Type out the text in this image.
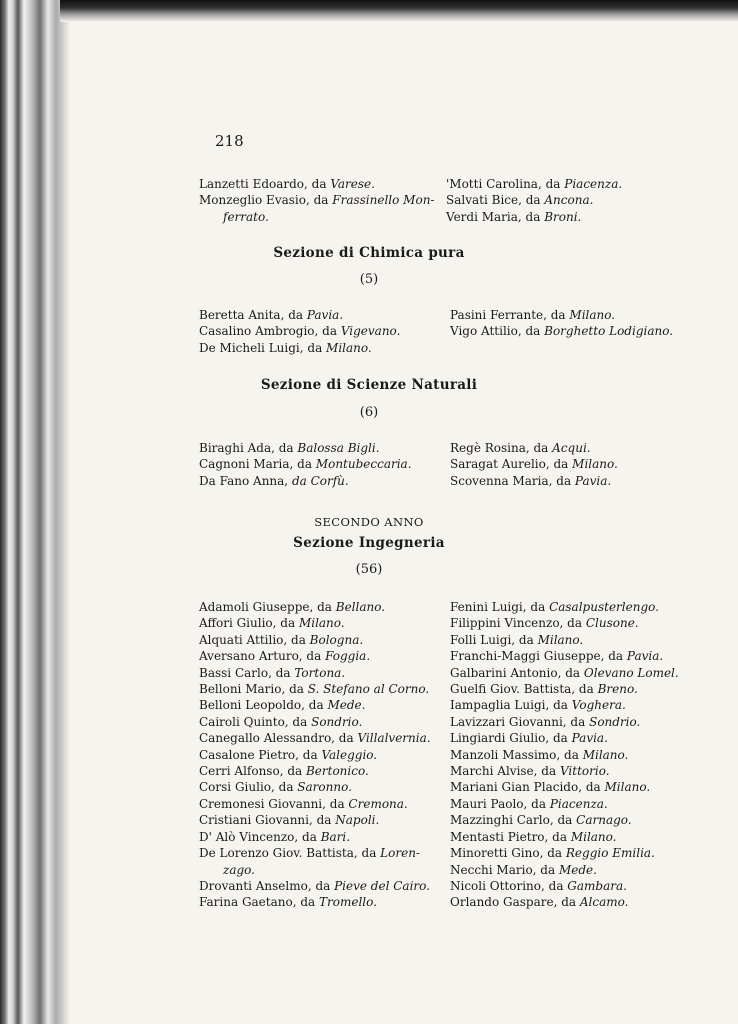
218
Lanzetti Edoardo, da Varese.
Monzeglio Evasio, da Frassinello Mon-
ferrato.
'Motti Carolina, da Piacenza.
Salvati Bice, da Ancona.
Verdi Maria, da Broni.
Sezione di Chimica pura
(5)
Beretta Anita, da Pavia.
Casalino Ambrogio, da Vigevano.
De Micheli Luigi, da Milano.
Pasini Ferrante, da Milano.
Vigo Attilio, da Borghetto Lodigiano.
Sezione di Scienze Naturali
(6)
Biraghi Ada, da Balossa Bigli.
Cagnoni Maria, da Montubeccaria.
Da Fano Anna, da Corfù.
Regè Rosina, da Acqui.
Saragat Aurelio, da Milano.
Scovenna Maria, da Pavia.
SECONDO ANNO
Sezione Ingegneria
(56)
Adamoli Giuseppe, da Bellano.
Affori Giulio, da Milano.
Alquati Attilio, da Bologna.
Aversano Arturo, da Foggia.
Bassi Carlo, da Tortona.
Belloni Mario, da S. Stefano al Corno.
Belloni Leopoldo, da Mede.
Cairoli Quinto, da Sondrio.
Canegallo Alessandro, da Villalvernia.
Casalone Pietro, da Valeggio.
Cerri Alfonso, da Bertonico.
Corsi Giulio, da Saronno.
Cremonesi Giovanni, da Cremona.
Cristiani Giovanni, da Napoli.
D' Alò Vincenzo, da Bari.
De Lorenzo Giov. Battista, da Loren-
zago.
Drovanti Anselmo, da Pieve del Cairo.
Farina Gaetano, da Tromello.
Fenini Luigi, da Casalpusterlengo.
Filippini Vincenzo, da Clusone.
Folli Luigi, da Milano.
Franchi-Maggi Giuseppe, da Pavia.
Galbarini Antonio, da Olevano Lomel.
Guelfi Giov. Battista, da Breno.
Iampaglia Luigi, da Voghera.
Lavizzari Giovanni, da Sondrio.
Lingiardi Giulio, da Pavia.
Manzoli Massimo, da Milano.
Marchi Alvise, da Vittorio.
Mariani Gian Placido, da Milano.
Mauri Paolo, da Piacenza.
Mazzinghi Carlo, da Carnago.
Mentasti Pietro, da Milano.
Minoretti Gino, da Reggio Emilia.
Necchi Mario, da Mede.
Nicoli Ottorino, da Gambara.
Orlando Gaspare, da Alcamo.
